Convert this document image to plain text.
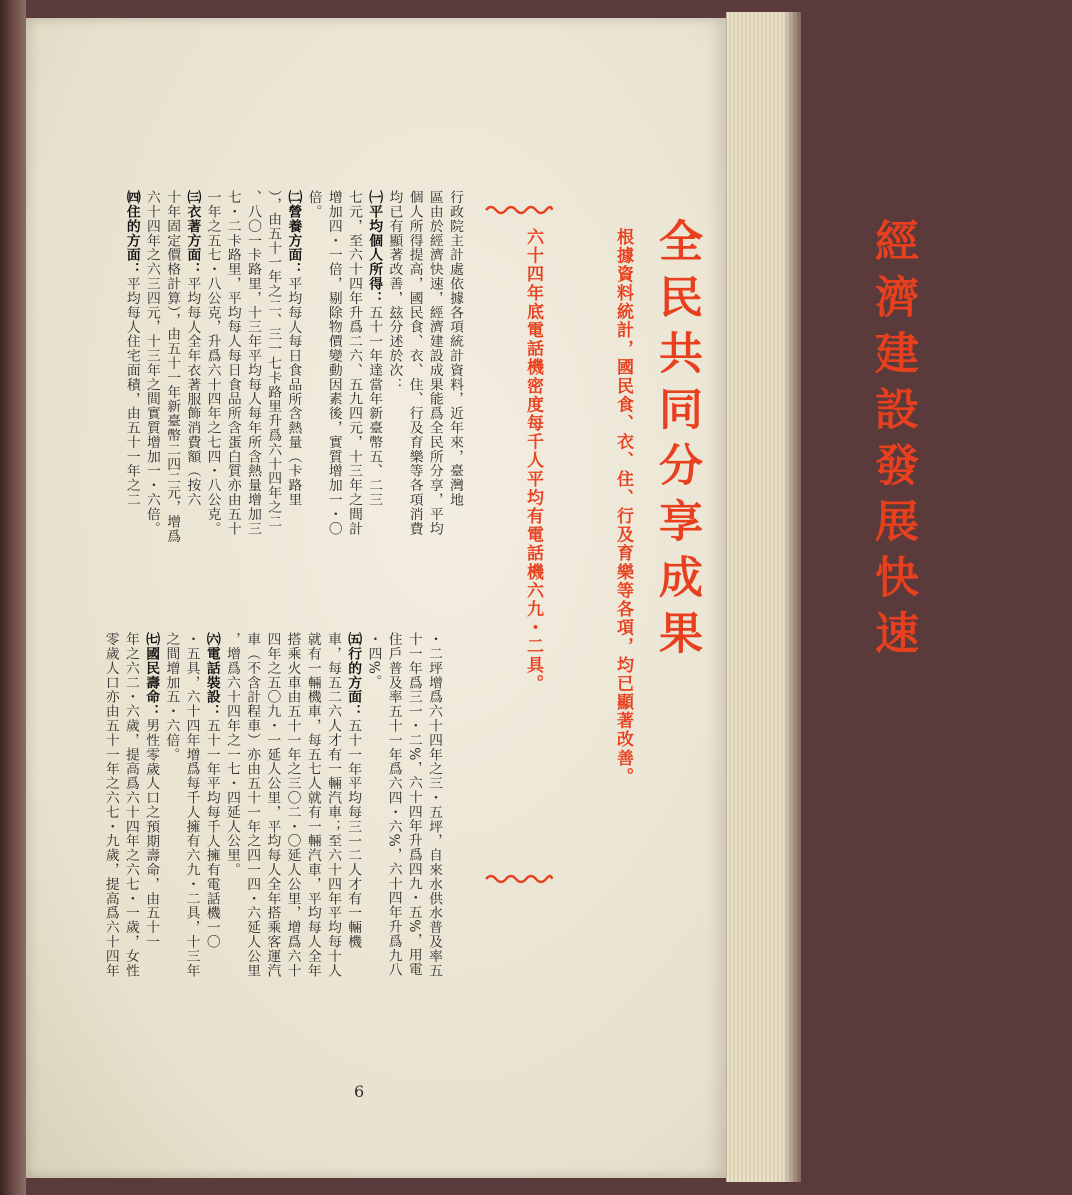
經濟建設發展快速

全民共同分享成果

根據資料統計，國民食、衣、住、行及育樂等各項，均已顯著改善。

六十四年底電話機密度每千人平均有電話機六九・二具。

行政院主計處依據各項統計資料，近年來，臺灣地

區由於經濟快速，經濟建設成果能爲全民所分享，平均

個人所得提高，國民食、衣、住、行及育樂等各項消費

均已有顯著改善，玆分述於次：

㈠平均個人所得：五十一年達當年新臺幣五、二三

七元，至六十四年升爲二六、五九四元，十三年之間計

增加四・一倍，剔除物價變動因素後，實質增加一・〇

倍。

㈡營養方面：平均每人每日食品所含熱量（卡路里

），由五十一年之二、三一七卡路里升爲六十四年之二

、八〇一卡路里，十三年平均每人每年所含熱量增加三

七・二卡路里，平均每人每日食品所含蛋白質亦由五十

一年之五七・八公克，升爲六十四年之七四・八公克。

㈢衣著方面：平均每人全年衣著服飾消費額（按六

十年固定價格計算），由五十一年新臺幣二四二元，增爲

六十四年之六三四元，十三年之間實質增加一・六倍。

㈣住的方面：平均每人住宅面積，由五十一年之二

・二坪增爲六十四年之三・五坪，自來水供水普及率五

十一年爲三一・二%，六十四年升爲四九・五%，用電

住戶普及率五十一年爲六四・六%，六十四年升爲九八

・四%。

㈤行的方面：五十一年平均每三一二人才有一輛機

車，每五二六人才有一輛汽車；至六十四年平均每十人

就有一輛機車，每五七人就有一輛汽車，平均每人全年

搭乘火車由五十一年之三〇二・〇延人公里，增爲六十

四年之五〇九・一延人公里，平均每人全年搭乘客運汽

車（不含計程車）亦由五十一年之四一四・六延人公里

，增爲六十四年之一七・四延人公里。

㈥電話裝設：五十一年平均每千人擁有電話機一〇

・五具，六十四年增爲每千人擁有六九・二具，十三年

之間增加五・六倍。

㈦國民壽命：男性零歲人口之預期壽命，由五十一

年之六二・六歲，提高爲六十四年之六七・一歲，女性

零歲人口亦由五十一年之六七・九歲，提高爲六十四年

6
